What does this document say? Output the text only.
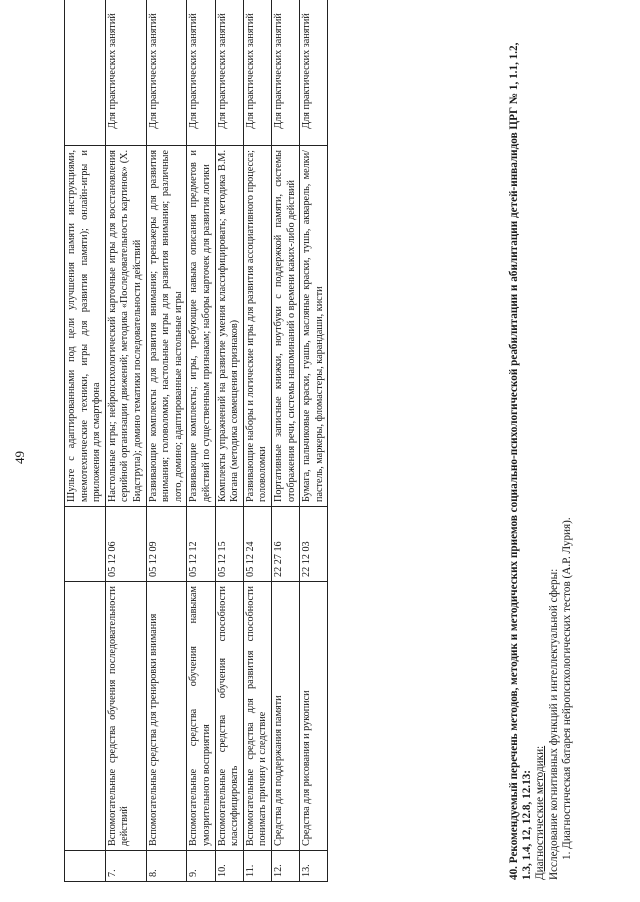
49
				Шульте с адаптированными под цели улучшения памяти инструкциями, мнемотехнические техники, игры для развития памяти); онлайн-игры и приложения для смартфона	
7.	Вспомогательные средства обучения последовательности действий	05 12 06	Настольные игры; нейропсихологический карточные игры для восстановления серийной организации движений; методика «Последовательность картинок» (Х. Бидструпа); домино тематики последовательности действий	Для практических занятий
8.	Вспомогательные средства для тренировки внимания	05 12 09	Развивающие комплекты для развития внимания; тренажеры для развития внимания; головоломки, настольные игры для развития внимания; различные лото, домино; адаптированные настольные игры	Для практических занятий
9.	Вспомогательные средства обучения навыкам умозрительного восприятия	05 12 12	Развивающие комплекты; игры, требующие навыка описания предметов и действий по существенным признакам; наборы карточек для развития логики	Для практических занятий
10.	Вспомогательные средства обучения способности классифицировать	05 12 15	Комплекты упражнений на развитие умения классифицировать; методика В.М. Когана (методика совмещения признаков)	Для практических занятий
11.	Вспомогательные средства для развития способности понимать причину и следствие	05 12 24	Развивающие наборы и логические игры для развития ассоциативного процесса; головоломки	Для практических занятий
12.	Средства для поддержания памяти	22 27 16	Портативные записные книжки, ноутбуки с поддержкой памяти, системы отображения речи, системы напоминаний о времени каких-либо действий	Для практических занятий
13.	Средства для рисования и рукописи	22 12 03	Бумага, пальчиковые краски, гуашь, масляные краски, тушь, акварель, мелки/пастель, маркеры, фломастеры, карандаши, кисти	Для практических занятий	40. Рекомендуемый перечень методов, методик и методических приемов социально-психологической реабилитации и абилитации детей-инвалидов ЦРГ № 1, 1.1, 1.2, 1.3, 1.4, 12, 12.8, 12.13: Диагностические методики: Исследование когнитивных функций и интеллектуальной сферы: 1. Диагностическая батарея нейропсихологических тестов (А.Р. Лурия).
